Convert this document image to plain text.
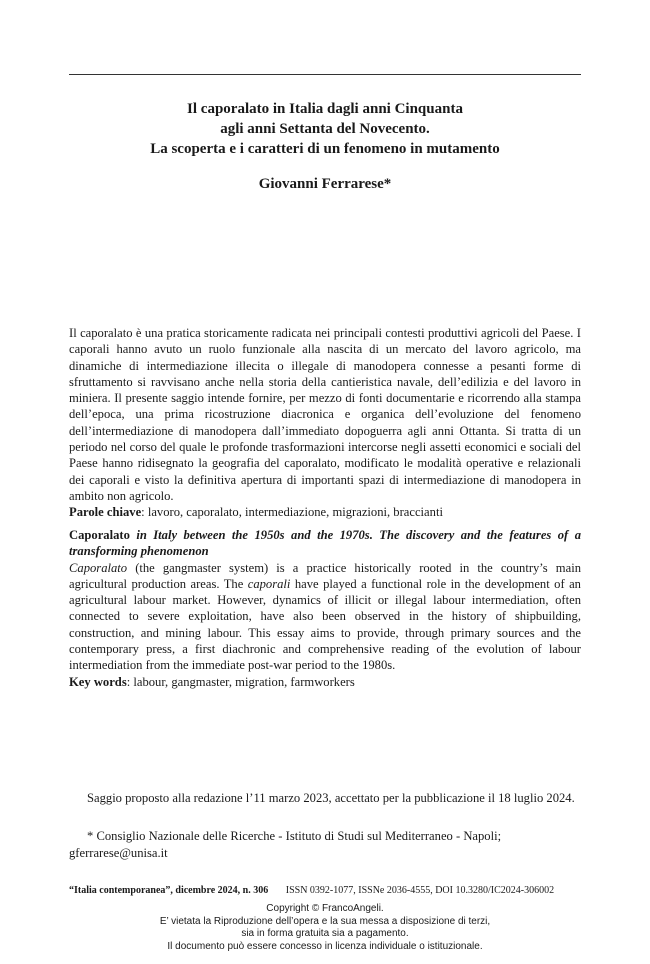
Il caporalato in Italia dagli anni Cinquanta
agli anni Settanta del Novecento.
La scoperta e i caratteri di un fenomeno in mutamento

Giovanni Ferrarese*

Il caporalato è una pratica storicamente radicata nei principali contesti produttivi agricoli del Paese. I caporali hanno avuto un ruolo funzionale alla nascita di un mercato del lavoro agricolo, ma dinamiche di intermediazione illecita o illegale di manodopera connesse a pesanti forme di sfruttamento si ravvisano anche nella storia della cantieristica navale, dell’edilizia e del lavoro in miniera. Il presente saggio intende fornire, per mezzo di fonti documentarie e ricorrendo alla stampa dell’epoca, una prima ricostruzione diacronica e organica dell’evoluzione del fenomeno dell’intermediazione di manodopera dall’immediato dopoguerra agli anni Ottanta. Si tratta di un periodo nel corso del quale le profonde trasformazioni intercorse negli assetti economici e sociali del Paese hanno ridisegnato la geografia del caporalato, modificato le modalità operative e relazionali dei caporali e visto la definitiva apertura di importanti spazi di intermediazione di manodopera in ambito non agricolo.
Parole chiave: lavoro, caporalato, intermediazione, migrazioni, braccianti
Caporalato in Italy between the 1950s and the 1970s. The discovery and the features of a transforming phenomenon
Caporalato (the gangmaster system) is a practice historically rooted in the country’s main agricultural production areas. The caporali have played a functional role in the development of an agricultural labour market. However, dynamics of illicit or illegal labour intermediation, often connected to severe exploitation, have also been observed in the history of shipbuilding, construction, and mining labour. This essay aims to provide, through primary sources and the contemporary press, a first diachronic and comprehensive reading of the evolution of labour intermediation from the immediate post-war period to the 1980s.
Key words: labour, gangmaster, migration, farmworkers

Saggio proposto alla redazione l’11 marzo 2023, accettato per la pubblicazione il 18 luglio 2024.

* Consiglio Nazionale delle Ricerche - Istituto di Studi sul Mediterraneo - Napoli; gferrarese@unisa.it

“Italia contemporanea”, dicembre 2024, n. 306 ISSN 0392-1077, ISSNe 2036-4555, DOI 10.3280/IC2024-306002
Copyright © FrancoAngeli.
E’ vietata la Riproduzione dell’opera e la sua messa a disposizione di terzi,
sia in forma gratuita sia a pagamento.
Il documento può essere concesso in licenza individuale o istituzionale.
